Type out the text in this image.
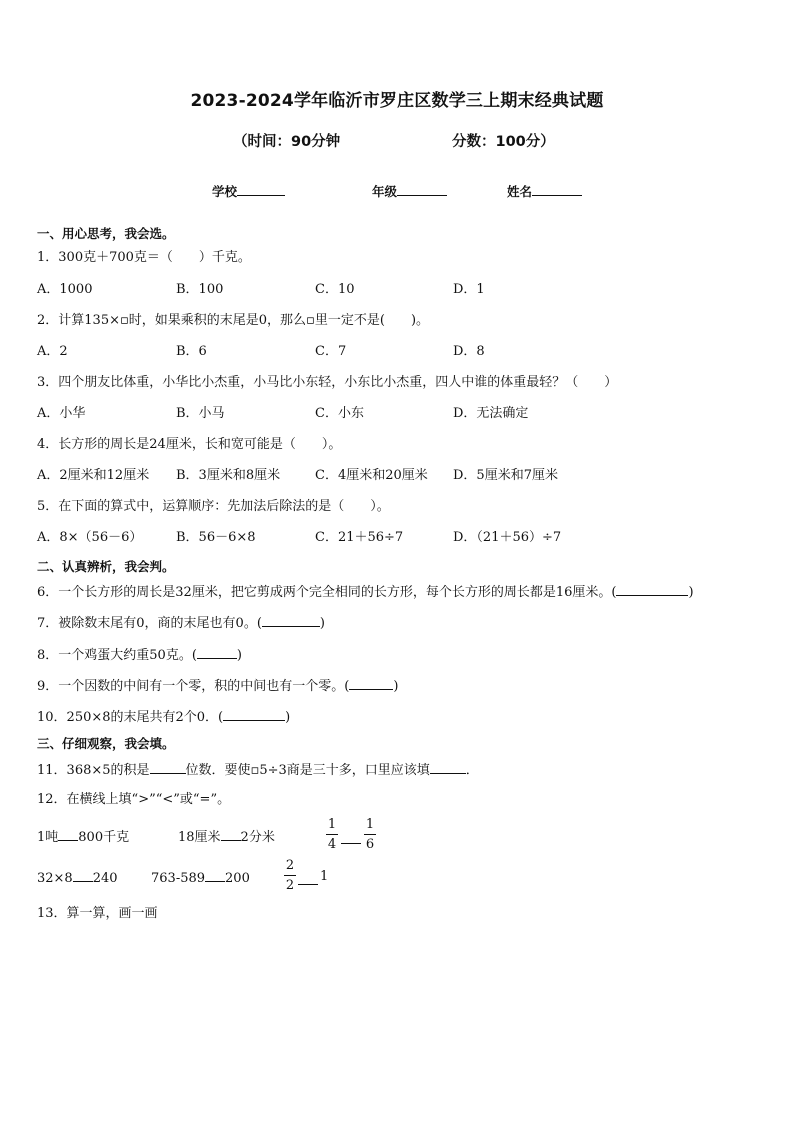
2023-2024学年临沂市罗庄区数学三上期末经典试题
（时间：90分钟	分数：100分）
学校	年级	姓名
一、用心思考，我会选。
1．300克＋700克＝（　　）千克。
A．1000	B．100	C．10	D．1
2．计算135×▫时，如果乘积的末尾是0，那么▫里一定不是(　　)。
A．2	B．6	C．7	D．8
3．四个朋友比体重，小华比小杰重，小马比小东轻，小东比小杰重，四人中谁的体重最轻？（　　）
A．小华	B．小马	C．小东	D．无法确定
4．长方形的周长是24厘米，长和宽可能是（　　）。
A．2厘米和12厘米 B．3厘米和8厘米	C．4厘米和20厘米 D．5厘米和7厘米
5．在下面的算式中，运算顺序：先加法后除法的是（　　）。
A．8×（56－6）	B．56－6×8	C．21＋56÷7	D．（21＋56）÷7
二、认真辨析，我会判。
6．一个长方形的周长是32厘米，把它剪成两个完全相同的长方形，每个长方形的周长都是16厘米。(	)
7．被除数末尾有0，商的末尾也有0。(	)
8．一个鸡蛋大约重50克。(	)
9．一个因数的中间有一个零，积的中间也有一个零。(	)
10．250×8的末尾共有2个0．(	)
三、仔细观察，我会填。
11．368×5的积是	位数．要使▫5÷3商是三十多，口里应该填	．
12．在横线上填“>”“<”或“=”。
1吨 800千克	18厘米 2分米
1
4
1
6
32×8 240	763-589 200
2
2
1
13．算一算，画一画
